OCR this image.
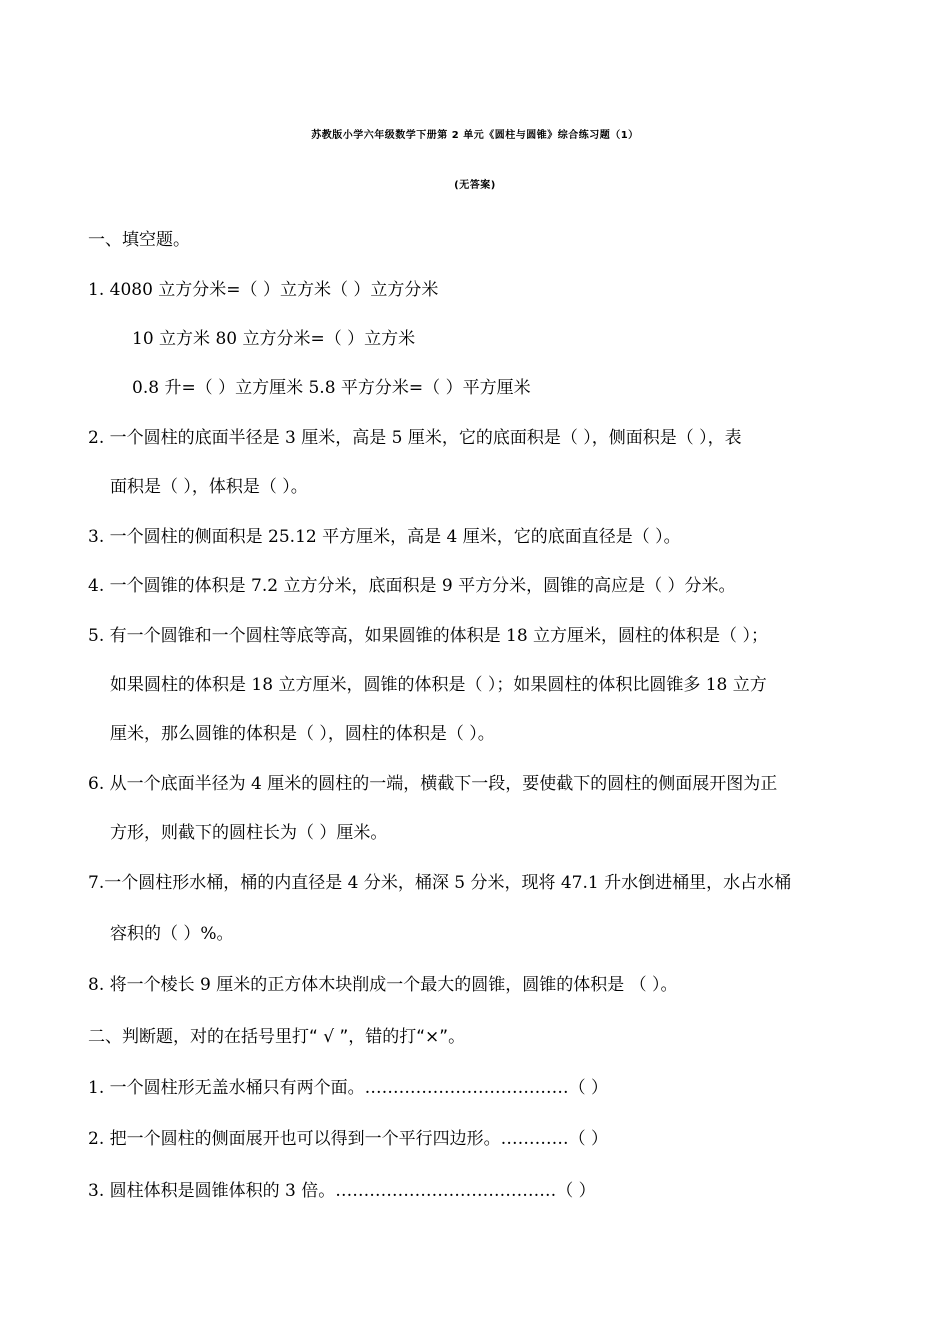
苏教版小学六年级数学下册第 2 单元《圆柱与圆锥》综合练习题（1）
(无答案)
一、填空题。
1. 4080 立方分米=（ ）立方米（ ）立方分米
10 立方米 80 立方分米=（ ）立方米
0.8 升=（ ）立方厘米 5.8 平方分米=（ ）平方厘米
2. 一个圆柱的底面半径是 3 厘米，高是 5 厘米，它的底面积是（ ），侧面积是（ ），表
面积是（ ），体积是（ ）。
3. 一个圆柱的侧面积是 25.12 平方厘米，高是 4 厘米，它的底面直径是（ ）。
4. 一个圆锥的体积是 7.2 立方分米，底面积是 9 平方分米，圆锥的高应是（ ）分米。
5. 有一个圆锥和一个圆柱等底等高，如果圆锥的体积是 18 立方厘米，圆柱的体积是（ ）；
如果圆柱的体积是 18 立方厘米，圆锥的体积是（ ）；如果圆柱的体积比圆锥多 18 立方
厘米，那么圆锥的体积是（ ），圆柱的体积是（ ）。
6. 从一个底面半径为 4 厘米的圆柱的一端，横截下一段，要使截下的圆柱的侧面展开图为正
方形，则截下的圆柱长为（ ）厘米。
7.一个圆柱形水桶，桶的内直径是 4 分米，桶深 5 分米，现将 47.1 升水倒进桶里，水占水桶
容积的（ ）%。
8. 将一个棱长 9 厘米的正方体木块削成一个最大的圆锥，圆锥的体积是 （ ）。
二、判断题，对的在括号里打“ √ ”，错的打“×”。
1. 一个圆柱形无盖水桶只有两个面。………………………………（ ）
2. 把一个圆柱的侧面展开也可以得到一个平行四边形。…………（ ）
3. 圆柱体积是圆锥体积的 3 倍。…………………………………（ ）
